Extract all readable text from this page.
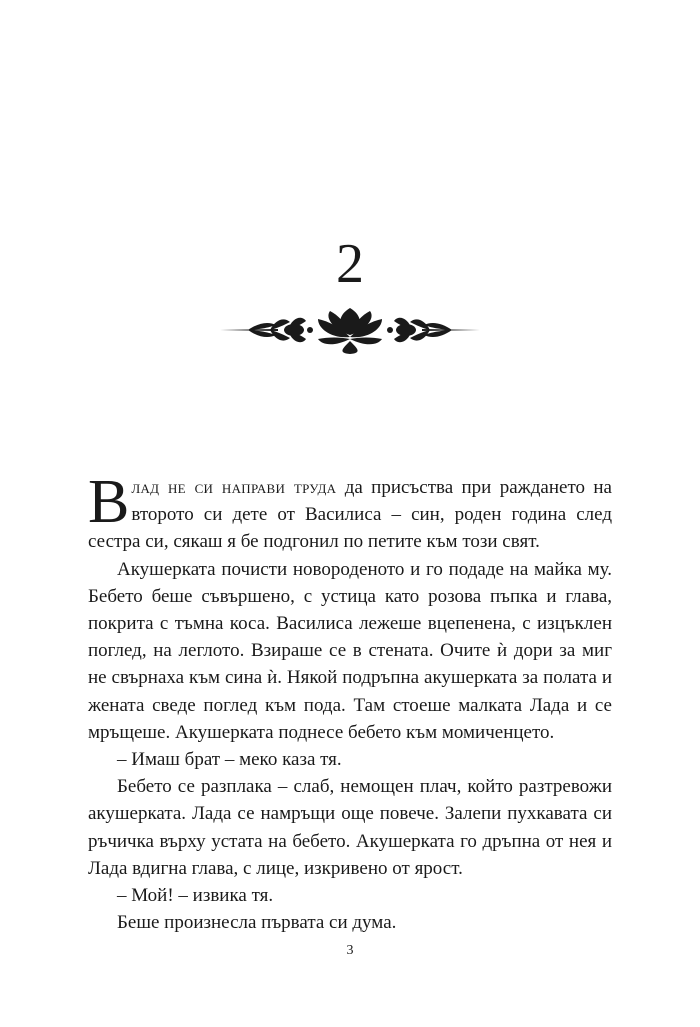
2

Влад не си направи труда да присъства при раждането на второто си дете от Василиса – син, роден година след сестра си, сякаш я бе подгонил по петите към този свят.

Акушерката почисти новороденото и го подаде на майка му. Бебето беше съвършено, с устица като розова пъпка и глава, покрита с тъмна коса. Василиса лежеше вцепенена, с изцъклен поглед, на леглото. Взираше се в стената. Очите ѝ дори за миг не свърнаха към сина ѝ. Някой подръпна акушерката за полата и жената сведе поглед към пода. Там стоеше малката Лада и се мръщеше. Акушерката поднесе бебето към момиченцето.

– Имаш брат – меко каза тя.

Бебето се разплака – слаб, немощен плач, който разтревожи акушерката. Лада се намръщи още повече. Залепи пухкавата си ръчичка върху устата на бебето. Акушерката го дръпна от нея и Лада вдигна глава, с лице, изкривено от ярост.

– Мой! – извика тя.

Беше произнесла първата си дума.

3
